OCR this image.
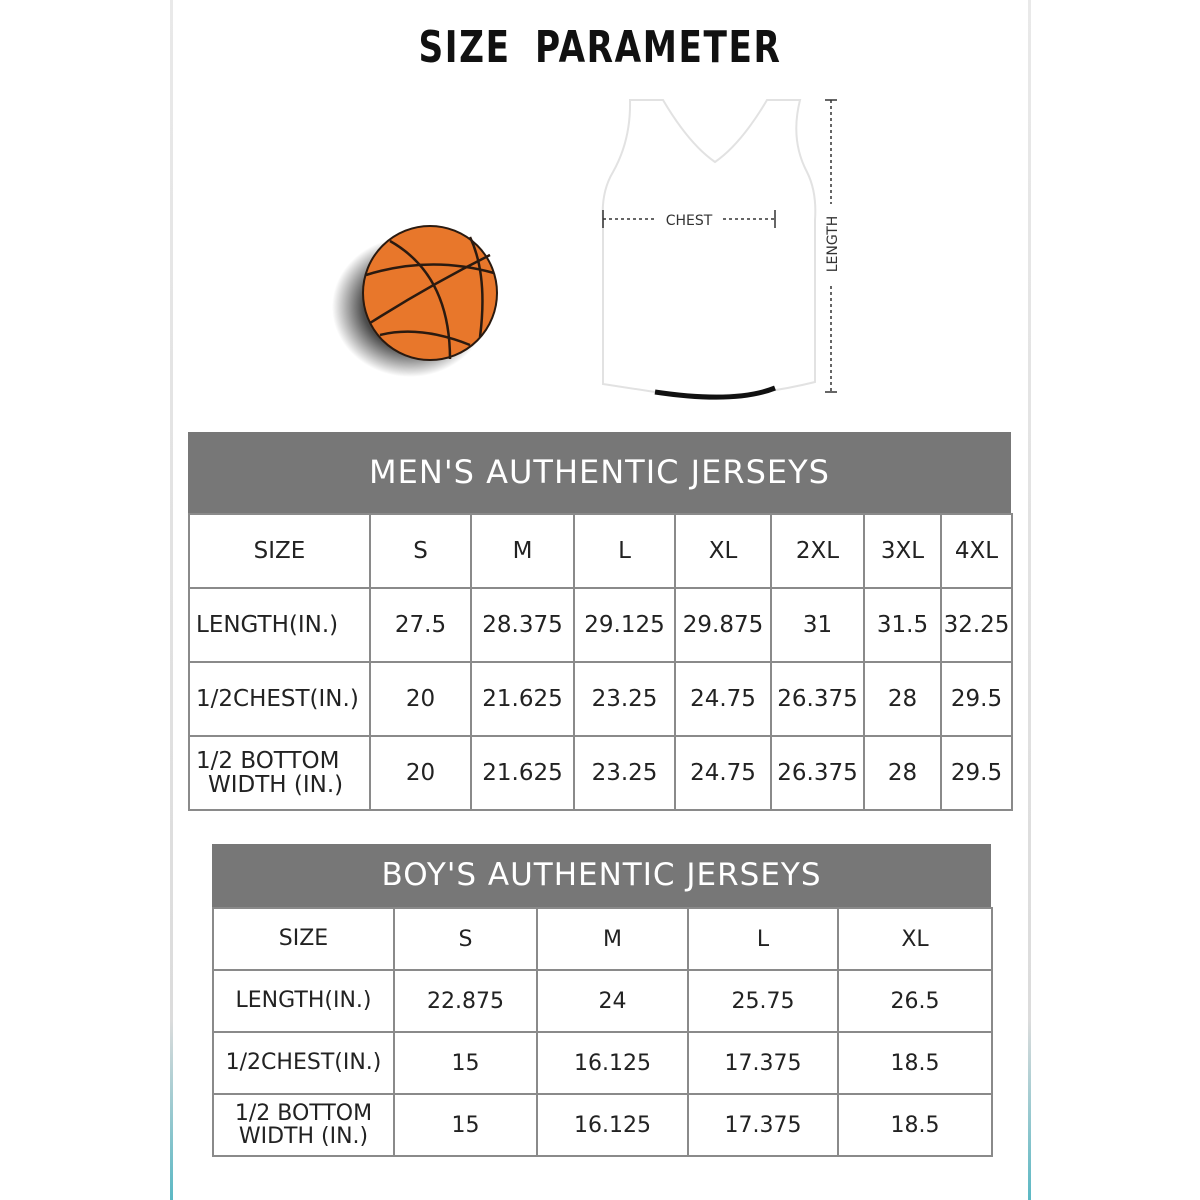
SIZE PARAMETER
CHEST	LENGTH
MEN'S AUTHENTIC JERSEYS
SIZE	S	M	L	XL	2XL	3XL	4XL

LENGTH(IN.)	27.5	28.375	29.125	29.875	31	31.5	32.25

1/2CHEST(IN.)	20	21.625	23.25	24.75	26.375	28	29.5

1/2 BOTTOM
WIDTH (IN.)	20	21.625	23.25	24.75	26.375	28	29.5
BOY'S AUTHENTIC JERSEYS
SIZE	S	M	L	XL

LENGTH(IN.)	22.875	24	25.75	26.5

1/2CHEST(IN.)	15	16.125	17.375	18.5

1/2 BOTTOM
WIDTH (IN.)	15	16.125	17.375	18.5
